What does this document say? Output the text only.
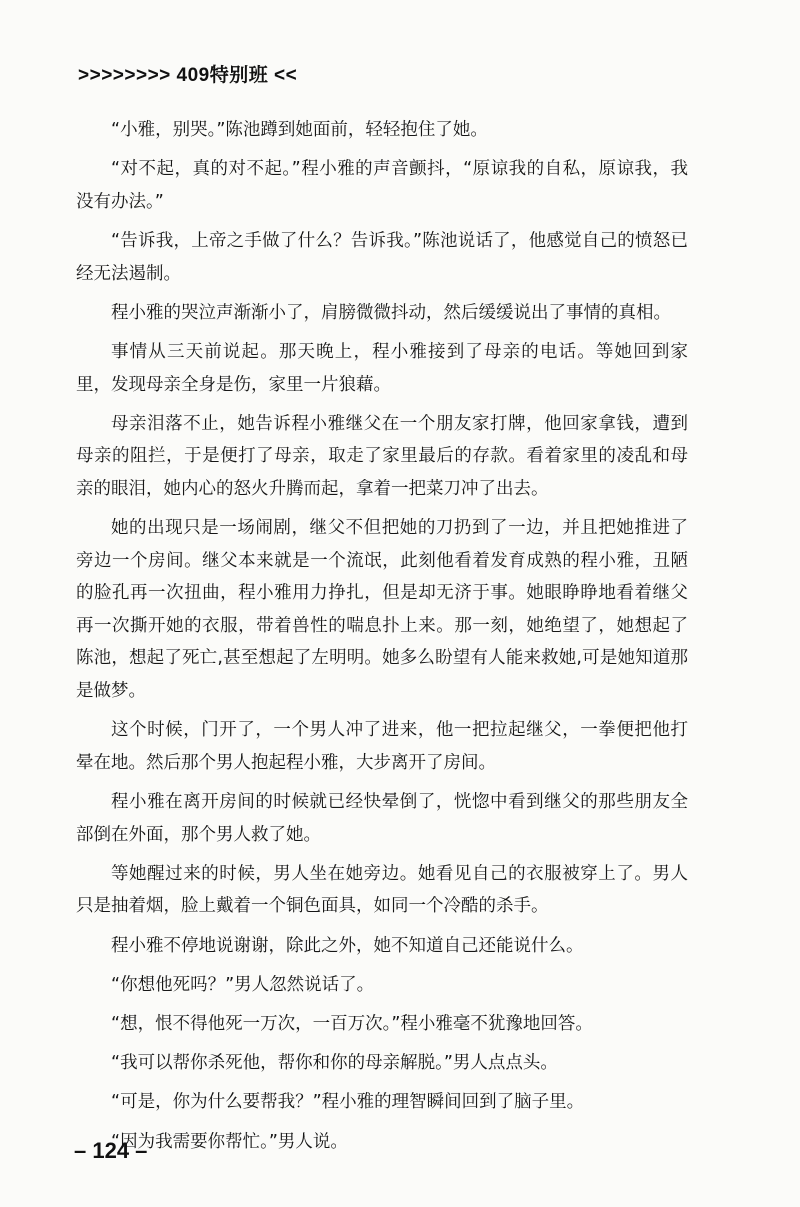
>>>>>>>> 409特别班 <<

“小雅，别哭。”陈池蹲到她面前，轻轻抱住了她。

“对不起，真的对不起。”程小雅的声音颤抖，“原谅我的自私，原谅我，我没有办法。”

“告诉我，上帝之手做了什么？告诉我。”陈池说话了，他感觉自己的愤怒已经无法遏制。

程小雅的哭泣声渐渐小了，肩膀微微抖动，然后缓缓说出了事情的真相。

事情从三天前说起。那天晚上，程小雅接到了母亲的电话。等她回到家里，发现母亲全身是伤，家里一片狼藉。

母亲泪落不止，她告诉程小雅继父在一个朋友家打牌，他回家拿钱，遭到母亲的阻拦，于是便打了母亲，取走了家里最后的存款。看着家里的凌乱和母亲的眼泪，她内心的怒火升腾而起，拿着一把菜刀冲了出去。

她的出现只是一场闹剧，继父不但把她的刀扔到了一边，并且把她推进了旁边一个房间。继父本来就是一个流氓，此刻他看着发育成熟的程小雅，丑陋的脸孔再一次扭曲，程小雅用力挣扎，但是却无济于事。她眼睁睁地看着继父再一次撕开她的衣服，带着兽性的喘息扑上来。那一刻，她绝望了，她想起了陈池，想起了死亡,甚至想起了左明明。她多么盼望有人能来救她,可是她知道那是做梦。

这个时候，门开了，一个男人冲了进来，他一把拉起继父，一拳便把他打晕在地。然后那个男人抱起程小雅，大步离开了房间。

程小雅在离开房间的时候就已经快晕倒了，恍惚中看到继父的那些朋友全部倒在外面，那个男人救了她。

等她醒过来的时候，男人坐在她旁边。她看见自己的衣服被穿上了。男人只是抽着烟，脸上戴着一个铜色面具，如同一个冷酷的杀手。

程小雅不停地说谢谢，除此之外，她不知道自己还能说什么。

“你想他死吗？”男人忽然说话了。

“想，恨不得他死一万次，一百万次。”程小雅毫不犹豫地回答。

“我可以帮你杀死他，帮你和你的母亲解脱。”男人点点头。

“可是，你为什么要帮我？”程小雅的理智瞬间回到了脑子里。

“因为我需要你帮忙。”男人说。

– 124 –
